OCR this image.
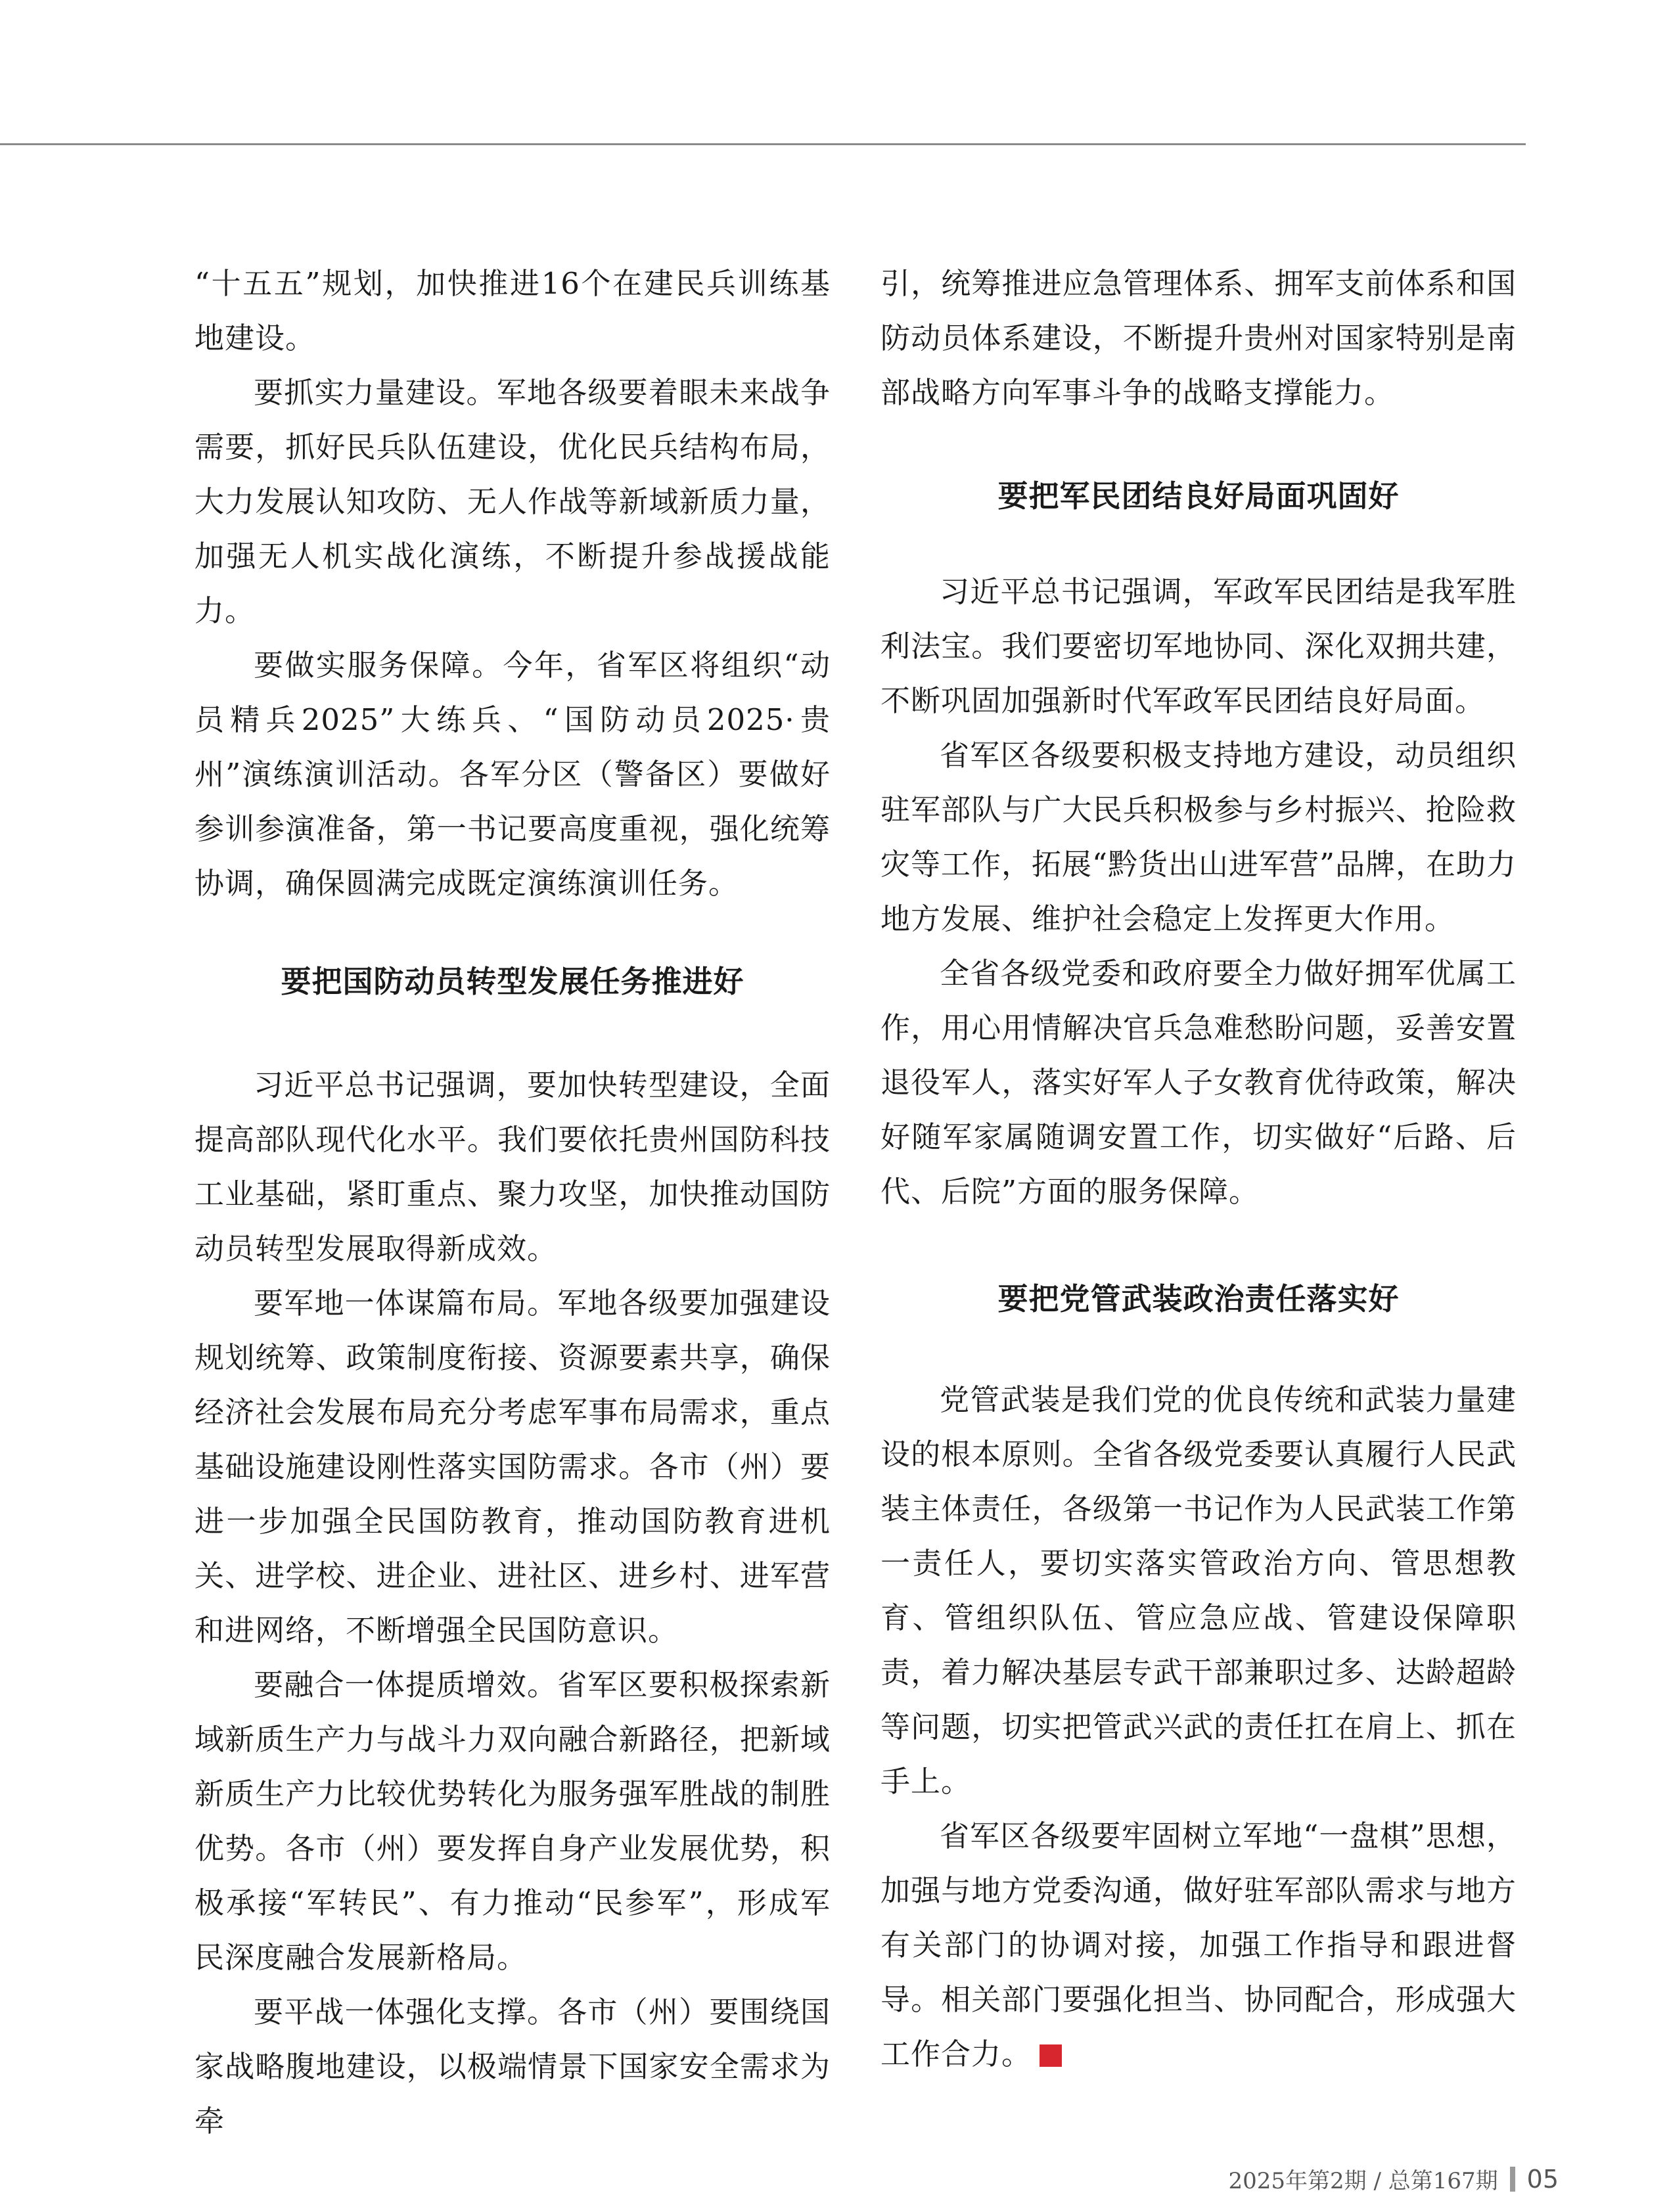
“十五五”规划，加快推进16个在建民兵训练基地建设。

要抓实力量建设。军地各级要着眼未来战争需要，抓好民兵队伍建设，优化民兵结构布局，大力发展认知攻防、无人作战等新域新质力量，加强无人机实战化演练，不断提升参战援战能力。

要做实服务保障。今年，省军区将组织“动员精兵2025”大练兵、“国防动员2025·贵州”演练演训活动。各军分区（警备区）要做好参训参演准备，第一书记要高度重视，强化统筹协调，确保圆满完成既定演练演训任务。

要把国防动员转型发展任务推进好

习近平总书记强调，要加快转型建设，全面提高部队现代化水平。我们要依托贵州国防科技工业基础，紧盯重点、聚力攻坚，加快推动国防动员转型发展取得新成效。

要军地一体谋篇布局。军地各级要加强建设规划统筹、政策制度衔接、资源要素共享，确保经济社会发展布局充分考虑军事布局需求，重点基础设施建设刚性落实国防需求。各市（州）要进一步加强全民国防教育，推动国防教育进机关、进学校、进企业、进社区、进乡村、进军营和进网络，不断增强全民国防意识。

要融合一体提质增效。省军区要积极探索新域新质生产力与战斗力双向融合新路径，把新域新质生产力比较优势转化为服务强军胜战的制胜优势。各市（州）要发挥自身产业发展优势，积极承接“军转民”、有力推动“民参军”，形成军民深度融合发展新格局。

要平战一体强化支撑。各市（州）要围绕国家战略腹地建设，以极端情景下国家安全需求为牵

引，统筹推进应急管理体系、拥军支前体系和国防动员体系建设，不断提升贵州对国家特别是南部战略方向军事斗争的战略支撑能力。

要把军民团结良好局面巩固好

习近平总书记强调，军政军民团结是我军胜利法宝。我们要密切军地协同、深化双拥共建，不断巩固加强新时代军政军民团结良好局面。

省军区各级要积极支持地方建设，动员组织驻军部队与广大民兵积极参与乡村振兴、抢险救灾等工作，拓展“黔货出山进军营”品牌，在助力地方发展、维护社会稳定上发挥更大作用。

全省各级党委和政府要全力做好拥军优属工作，用心用情解决官兵急难愁盼问题，妥善安置退役军人，落实好军人子女教育优待政策，解决好随军家属随调安置工作，切实做好“后路、后代、后院”方面的服务保障。

要把党管武装政治责任落实好

党管武装是我们党的优良传统和武装力量建设的根本原则。全省各级党委要认真履行人民武装主体责任，各级第一书记作为人民武装工作第一责任人，要切实落实管政治方向、管思想教育、管组织队伍、管应急应战、管建设保障职责，着力解决基层专武干部兼职过多、达龄超龄等问题，切实把管武兴武的责任扛在肩上、抓在手上。

省军区各级要牢固树立军地“一盘棋”思想，加强与地方党委沟通，做好驻军部队需求与地方有关部门的协调对接，加强工作指导和跟进督导。相关部门要强化担当、协同配合，形成强大工作合力。G

2025年第2期 / 总第167期 05
